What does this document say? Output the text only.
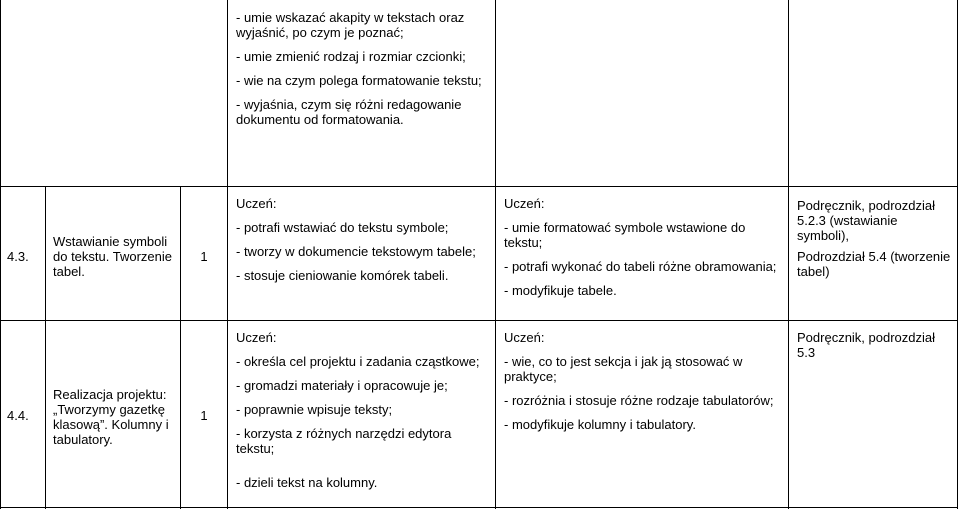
- umie wskazać akapity w tekstach oraz wyjaśnić, po czym je poznać;
- umie zmienić rodzaj i rozmiar czcionki;
- wie na czym polega formatowanie tekstu;
- wyjaśnia, czym się różni redagowanie dokumentu od formatowania.
4.3.
Wstawianie symboli do tekstu. Tworzenie tabel.
1
Uczeń:
- potrafi wstawiać do tekstu symbole;
- tworzy w dokumencie tekstowym tabele;
- stosuje cieniowanie komórek tabeli.
Uczeń:
- umie formatować symbole wstawione do tekstu;
- potrafi wykonać do tabeli różne obramowania;
- modyfikuje tabele.
Podręcznik, podrozdział 5.2.3 (wstawianie symboli),
Podrozdział 5.4 (tworzenie tabel)
4.4.
Realizacja projektu: „Tworzymy gazetkę klasową”. Kolumny i tabulatory.
1
Uczeń:
- określa cel projektu i zadania cząstkowe;
- gromadzi materiały i opracowuje je;
- poprawnie wpisuje teksty;
- korzysta z różnych narzędzi edytora tekstu;
- dzieli tekst na kolumny.
Uczeń:
- wie, co to jest sekcja i jak ją stosować w praktyce;
- rozróżnia i stosuje różne rodzaje tabulatorów;
- modyfikuje kolumny i tabulatory.
Podręcznik, podrozdział 5.3
